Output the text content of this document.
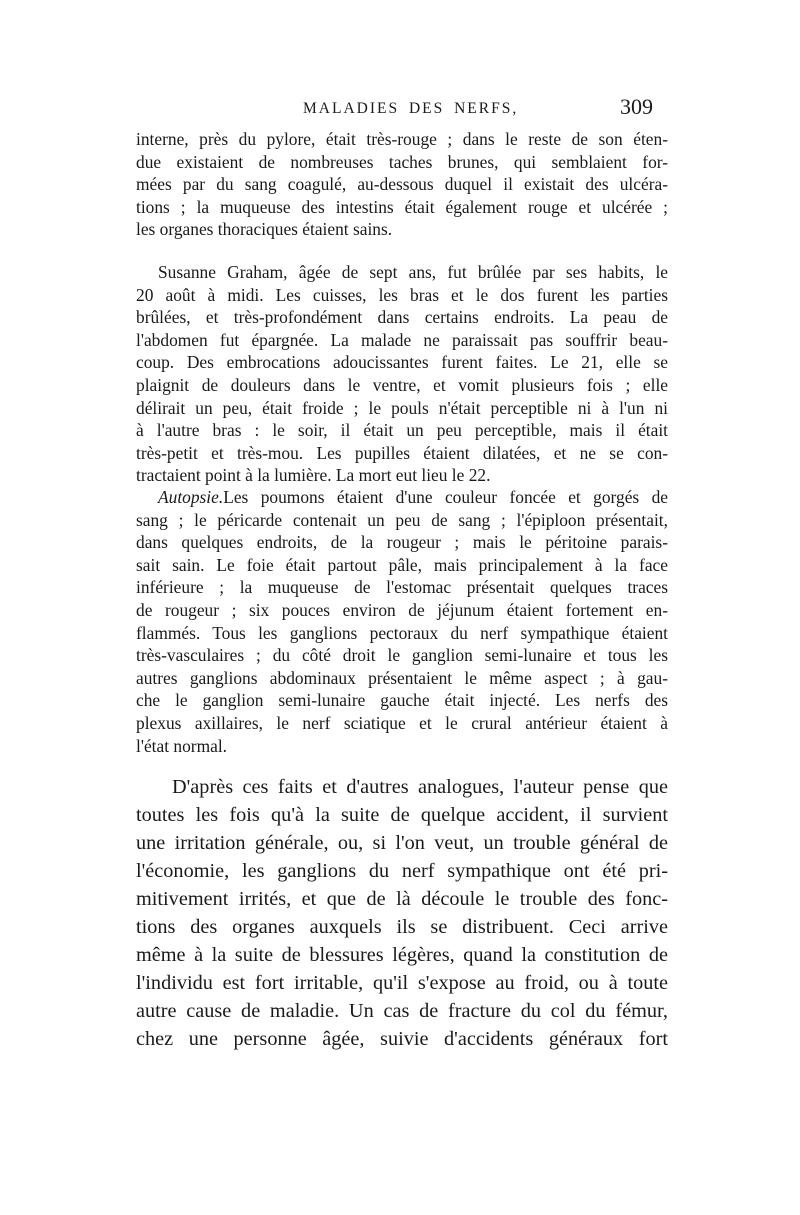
MALADIES DES NERFS,	309
interne, près du pylore, était très-rouge ; dans le reste de son éten-
due existaient de nombreuses taches brunes, qui semblaient for-
mées par du sang coagulé, au-dessous duquel il existait des ulcéra-
tions ; la muqueuse des intestins était également rouge et ulcérée ;
les organes thoraciques étaient sains.
Susanne Graham, âgée de sept ans, fut brûlée par ses habits, le
20 août à midi. Les cuisses, les bras et le dos furent les parties
brûlées, et très-profondément dans certains endroits. La peau de
l'abdomen fut épargnée. La malade ne paraissait pas souffrir beau-
coup. Des embrocations adoucissantes furent faites. Le 21, elle se
plaignit de douleurs dans le ventre, et vomit plusieurs fois ; elle
délirait un peu, était froide ; le pouls n'était perceptible ni à l'un ni
à l'autre bras : le soir, il était un peu perceptible, mais il était
très-petit et très-mou. Les pupilles étaient dilatées, et ne se con-
tractaient point à la lumière. La mort eut lieu le 22.
Autopsie.Les poumons étaient d'une couleur foncée et gorgés de
sang ; le péricarde contenait un peu de sang ; l'épiploon présentait,
dans quelques endroits, de la rougeur ; mais le péritoine parais-
sait sain. Le foie était partout pâle, mais principalement à la face
inférieure ; la muqueuse de l'estomac présentait quelques traces
de rougeur ; six pouces environ de jéjunum étaient fortement en-
flammés. Tous les ganglions pectoraux du nerf sympathique étaient
très-vasculaires ; du côté droit le ganglion semi-lunaire et tous les
autres ganglions abdominaux présentaient le même aspect ; à gau-
che le ganglion semi-lunaire gauche était injecté. Les nerfs des
plexus axillaires, le nerf sciatique et le crural antérieur étaient à
l'état normal.
D'après ces faits et d'autres analogues, l'auteur pense que
toutes les fois qu'à la suite de quelque accident, il survient
une irritation générale, ou, si l'on veut, un trouble général de
l'économie, les ganglions du nerf sympathique ont été pri-
mitivement irrités, et que de là découle le trouble des fonc-
tions des organes auxquels ils se distribuent. Ceci arrive
même à la suite de blessures légères, quand la constitution de
l'individu est fort irritable, qu'il s'expose au froid, ou à toute
autre cause de maladie. Un cas de fracture du col du fémur,
chez une personne âgée, suivie d'accidents généraux fort
